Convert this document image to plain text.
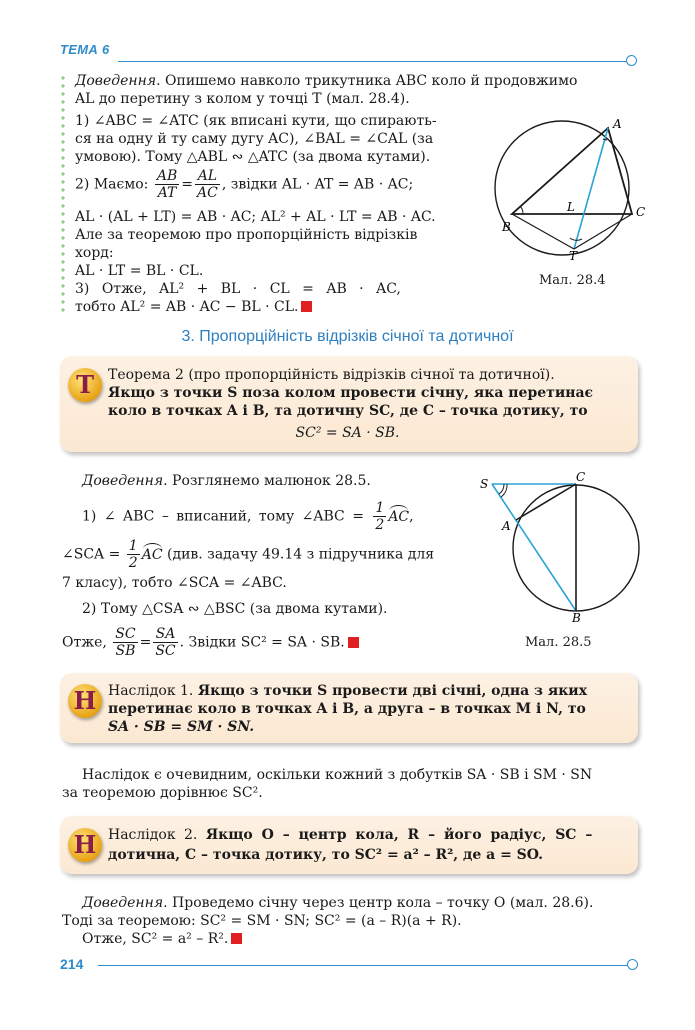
ТЕМА 6
Доведення. Опишемо навколо трикутника ABC коло й продовжимо
AL до перетину з колом у точці T (мал. 28.4).
1) ∠ABC = ∠ATC (як вписані кути, що спирають-
ся на одну й ту саму дугу AC), ∠BAL = ∠CAL (за
умовою). Тому △ABL ∾ △ATC (за двома кутами).
2) Маємо: $\frac{AB}{AT} = \frac{AL}{AC}$ , звідки AL · AT = AB · AC;
AL · (AL + LT) = AB · AC; AL² + AL · LT = AB · AC.
Але за теоремою про пропорційність відрізків
хорд:
AL · LT = BL · CL.
3) Отже, AL² + BL · CL = AB · AC,
тобто AL² = AB · AC − BL · CL.
A
B
C
L
T
Мал. 28.4
3. Пропорційність відрізків січної та дотичної
T	Теорема 2 (про пропорційність відрізків січної та дотичної).
Якщо з точки S поза колом провести січну, яка перетинає
коло в точках A і B, та дотичну SC, де C – точка дотику, то
SC² = SA · SB.
Доведення. Розглянемо малюнок 28.5.
1) ∠ ABC – вписаний, тому ∠ABC = $\frac{1}{2}$ AC,
∠SCA = $\frac{1}{2}$ AC (див. задачу 49.14 з підручника для
7 класу), тобто ∠SCA = ∠ABC.
2) Тому △CSA ∾ △BSC (за двома кутами).
Отже, $\frac{SC}{SB} = \frac{SA}{SC}$ . Звідки SC² = SA · SB.
S	C
A
B
Мал. 28.5
Н Наслідок 1. Якщо з точки S провести дві січні, одна з яких
перетинає коло в точках A і B, а друга – в точках M і N, то
SA · SB = SM · SN.
Наслідок є очевидним, оскільки кожний з добутків SA · SB і SM · SN
за теоремою дорівнює SC².
Н Наслідок 2. Якщо O – центр кола, R – його радіус, SC –
дотична, C – точка дотику, то SC² = a² – R², де a = SO.
Доведення. Проведемо січну через центр кола – точку O (мал. 28.6).
Тоді за теоремою: SC² = SM · SN; SC² = (a – R)(a + R).
Отже, SC² = a² – R².
214
